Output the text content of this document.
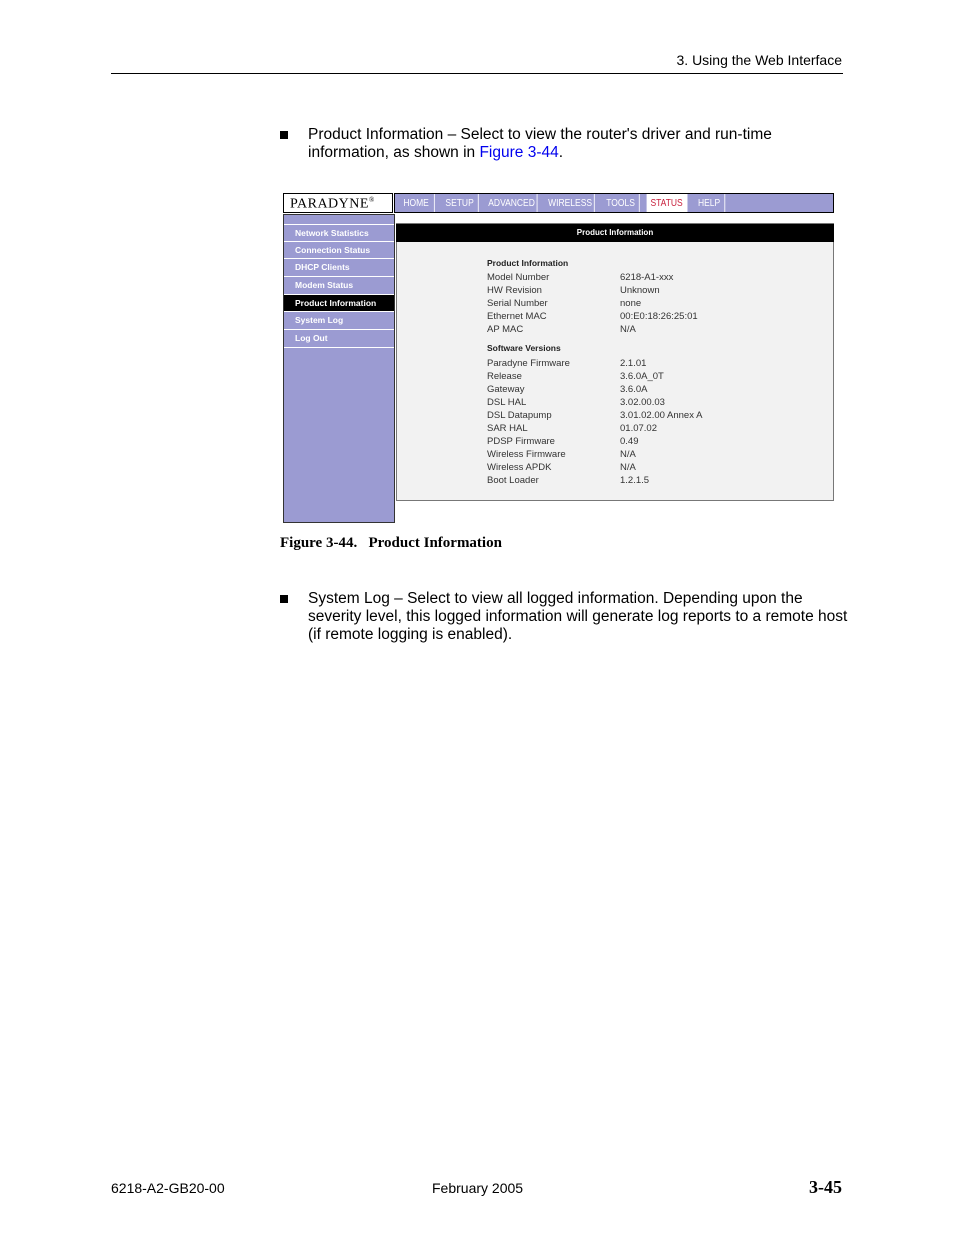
3. Using the Web Interface
Product Information – Select to view the router's driver and run-time information, as shown in Figure 3-44.
PARADYNE®	HOME	SETUP	ADVANCED WIRELESS	TOOLS	STATUS	HELP
Network Statistics
Connection Status
DHCP Clients
Modem Status
Product Information
System Log
Log Out
Product Information
Product Information
Model Number	6218-A1-xxx
HW Revision	Unknown
Serial Number	none
Ethernet MAC	00:E0:18:26:25:01
AP MAC	N/A
Software Versions
Paradyne Firmware	2.1.01
Release	3.6.0A_0T
Gateway	3.6.0A
DSL HAL	3.02.00.03
DSL Datapump	3.01.02.00 Annex A
SAR HAL	01.07.02
PDSP Firmware	0.49
Wireless Firmware	N/A
Wireless APDK	N/A
Boot Loader	1.2.1.5
Figure 3-44. Product Information
System Log – Select to view all logged information. Depending upon the severity level, this logged information will generate log reports to a remote host (if remote logging is enabled).
6218-A2-GB20-00	February 2005	3-45
